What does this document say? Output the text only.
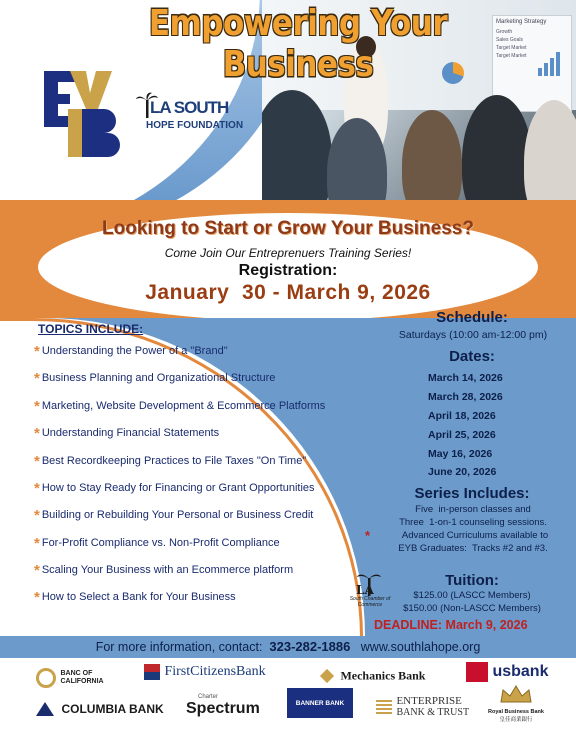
Marketing Strategy
Growth
Sales Goals
Target Market
Target Market
Empowering Your Business
LA SOUTH
HOPE FOUNDATION
Looking to Start or Grow Your Business?
Come Join Our Entreprenuers Training Series!
Registration:
January  30 - March 9, 2026
TOPICS INCLUDE:
* Understanding the Power of a "Brand"
* Business Planning and Organizational Structure
* Marketing, Website Development & Ecommerce Platforms
* Understanding Financial Statements
* Best Recordkeeping Practices to File Taxes "On Time"
* How to Stay Ready for Financing or Grant Opportunities
* Building or Rebuilding Your Personal or Business Credit
* For-Profit Compliance vs. Non-Profit Compliance
* Scaling Your Business with an Ecommerce platform
* How to Select a Bank for Your Business
Schedule:
Saturdays (10:00 am-12:00 pm)
Dates:
March 14, 2026
March 28, 2026
April 18, 2026
April 25, 2026
May 16, 2026
June 20, 2026
Series Includes:
Five  in-person classes and
Three  1-on-1 counseling sessions.
*	Advanced Curriculums available to
EYB Graduates:  Tracks #2 and #3.
LA
South Chamber of Commerce
Tuition:
$125.00 (LASCC Members)
$150.00 (Non-LASCC Members)
DEADLINE: March 9, 2026
For more information, contact: 323-282-1886 www.southlahope.org
BANC OF CALIFORNIA
FirstCitizensBank	Mechanics Bank	usbank
COLUMBIA BANK
Charter
Spectrum	BANNER BANK
	ENTERPRISE
BANK & TRUST	Royal Business Bank
皇佳商業銀行
